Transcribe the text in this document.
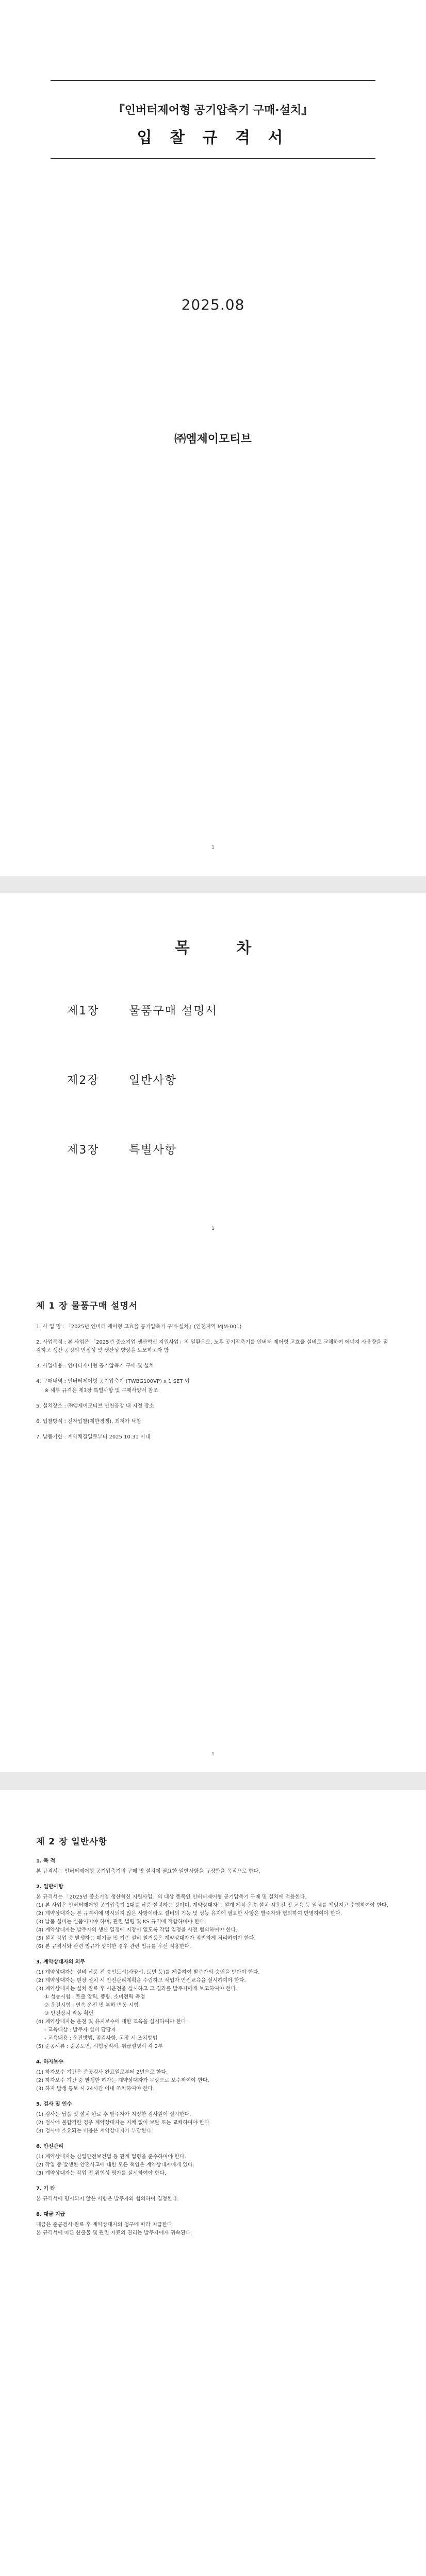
『인버터제어형 공기압축기 구매·설치』
입 찰 규 격 서
2025.08
㈜엠제이모티브
1
목 차
제1장	물품구매 설명서
제2장	일반사항
제3장	특별사항
1
제 1 장 물품구매 설명서

1. 사 업 명 : 『2025년 인버터 제어형 고효율 공기압축기 구매·설치』(인천지역 MJM-001)

2. 사업목적 : 본 사업은 「2025년 중소기업 생산혁신 지원사업」의 일환으로, 노후 공기압축기를 인버터 제어형 고효율 설비로 교체하여 에너지 사용량을 절감하고 생산 공정의 안정성 및 생산성 향상을 도모하고자 함

3. 사업내용 : 인버터제어형 공기압축기 구매 및 설치

4. 구매내역 : 인버터제어형 공기압축기 (TWBG100VP) x 1 SET 외

※ 세부 규격은 제3장 특별사항 및 구매사양서 참조

5. 설치장소 : ㈜엠제이모티브 인천공장 내 지정 장소

6. 입찰방식 : 전자입찰(제한경쟁), 최저가 낙찰

7. 납품기한 : 계약체결일로부터 2025.10.31 이내

1
제 2 장 일반사항
1. 목 적
본 규격서는 인버터제어형 공기압축기의 구매 및 설치에 필요한 일반사항을 규정함을 목적으로 한다.
2. 일반사항
본 규격서는 「2025년 중소기업 생산혁신 지원사업」의 대상 품목인 인버터제어형 공기압축기 구매 및 설치에 적용한다.
(1) 본 사업은 인버터제어형 공기압축기 1대를 납품·설치하는 것이며, 계약상대자는 설계·제작·운송·설치·시운전 및 교육 등 일체를 책임지고 수행하여야 한다.
(2) 계약상대자는 본 규격서에 명시되지 않은 사항이라도 설비의 기능 및 성능 유지에 필요한 사항은 발주자와 협의하여 반영하여야 한다.
(3) 납품 설비는 신품이어야 하며, 관련 법령 및 KS 규격에 적합하여야 한다.
(4) 계약상대자는 발주자의 생산 일정에 지장이 없도록 작업 일정을 사전 협의하여야 한다.
(5) 설치 작업 중 발생하는 폐기물 및 기존 설비 철거품은 계약상대자가 적법하게 처리하여야 한다.
(6) 본 규격서와 관련 법규가 상이한 경우 관련 법규를 우선 적용한다.
3. 계약상대자의 의무
(1) 계약상대자는 설비 납품 전 승인도서(사양서, 도면 등)를 제출하여 발주자의 승인을 받아야 한다.
(2) 계약상대자는 현장 설치 시 안전관리계획을 수립하고 작업자 안전교육을 실시하여야 한다.
(3) 계약상대자는 설치 완료 후 시운전을 실시하고 그 결과를 발주자에게 보고하여야 한다.
① 성능시험 : 토출 압력, 풍량, 소비전력 측정
② 운전시험 : 연속 운전 및 부하 변동 시험
③ 안전장치 작동 확인
(4) 계약상대자는 운전 및 유지보수에 대한 교육을 실시하여야 한다.
- 교육대상 : 발주자 설비 담당자
- 교육내용 : 운전방법, 점검사항, 고장 시 조치방법
(5) 준공서류 : 준공도면, 시험성적서, 취급설명서 각 2부
4. 하자보수
(1) 하자보수 기간은 준공검사 완료일로부터 2년으로 한다.
(2) 하자보수 기간 중 발생한 하자는 계약상대자가 무상으로 보수하여야 한다.
(3) 하자 발생 통보 시 24시간 이내 조치하여야 한다.
5. 검사 및 인수
(1) 검사는 납품 및 설치 완료 후 발주자가 지정한 검사원이 실시한다.
(2) 검사에 불합격한 경우 계약상대자는 지체 없이 보완 또는 교체하여야 한다.
(3) 검사에 소요되는 비용은 계약상대자가 부담한다.
6. 안전관리
(1) 계약상대자는 산업안전보건법 등 관계 법령을 준수하여야 한다.
(2) 작업 중 발생한 안전사고에 대한 모든 책임은 계약상대자에게 있다.
(3) 계약상대자는 작업 전 위험성 평가를 실시하여야 한다.
7. 기 타
본 규격서에 명시되지 않은 사항은 발주자와 협의하여 결정한다.
8. 대금 지급
대금은 준공검사 완료 후 계약상대자의 청구에 따라 지급한다.
본 규격서에 따른 산출물 및 관련 자료의 권리는 발주자에게 귀속된다.
